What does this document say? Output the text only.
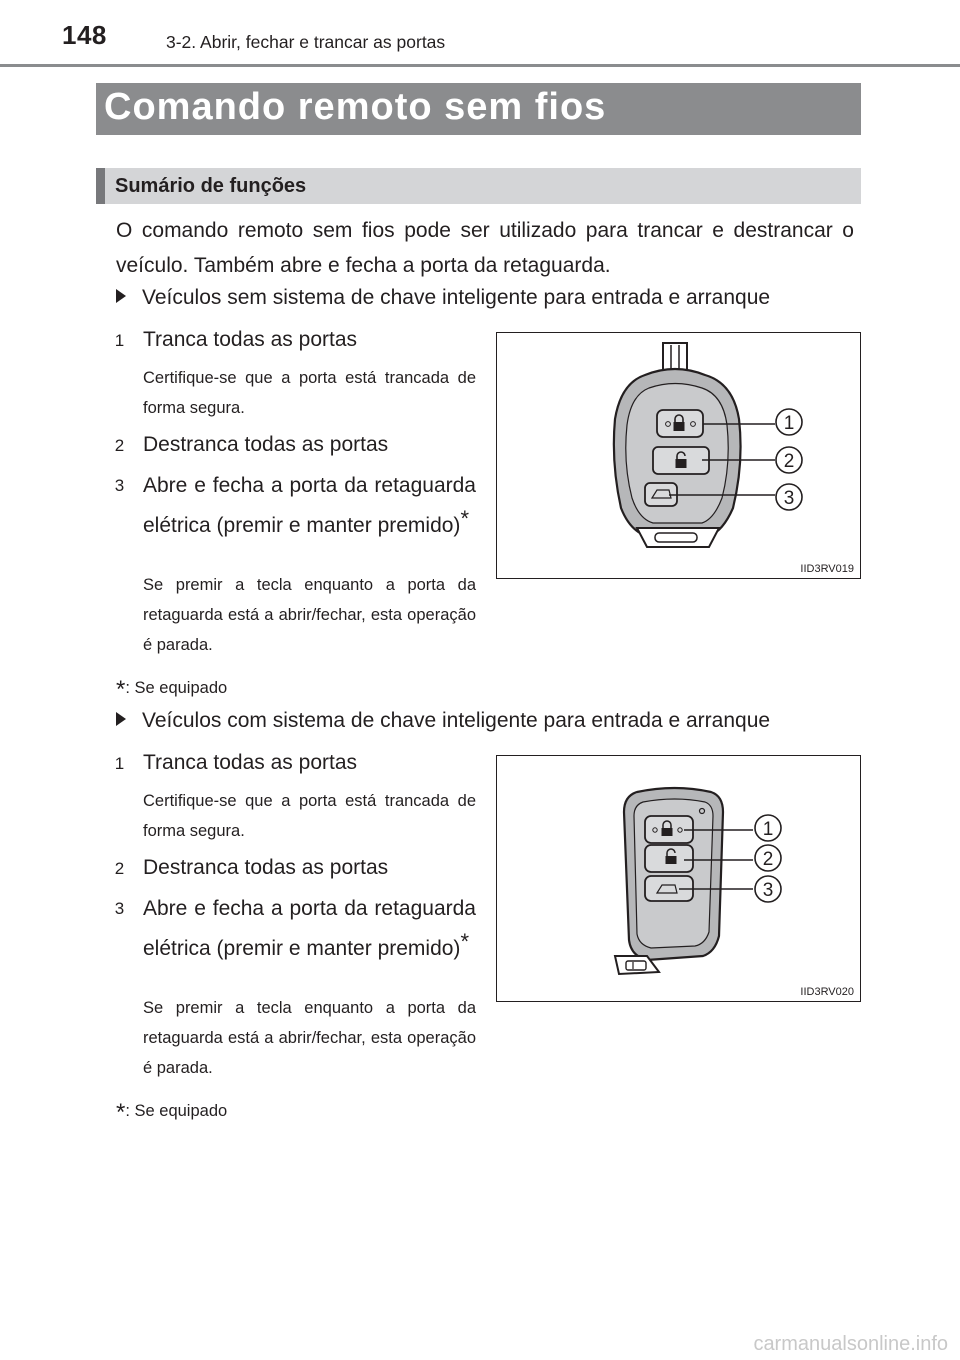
148	3-2. Abrir, fechar e trancar as portas
Comando remoto sem fios
Sumário de funções
O comando remoto sem fios pode ser utilizado para trancar e destrancar o veículo. Também abre e fecha a porta da retaguarda.
Veículos sem sistema de chave inteligente para entrada e arranque
1 Tranca todas as portas
Certifique-se que a porta está trancada de forma segura.
2 Destranca todas as portas
3 Abre e fecha a porta da retaguarda elétrica (premir e manter premido)*
Se premir a tecla enquanto a porta da retaguarda está a abrir/fechar, esta operação é parada.
*: Se equipado
1
2
3
IID3RV019
Veículos com sistema de chave inteligente para entrada e arranque
1 Tranca todas as portas
Certifique-se que a porta está trancada de forma segura.
2 Destranca todas as portas
3 Abre e fecha a porta da retaguarda elétrica (premir e manter premido)*
Se premir a tecla enquanto a porta da retaguarda está a abrir/fechar, esta operação é parada.
*: Se equipado
1
2
3
IID3RV020
carmanualsonline.info
